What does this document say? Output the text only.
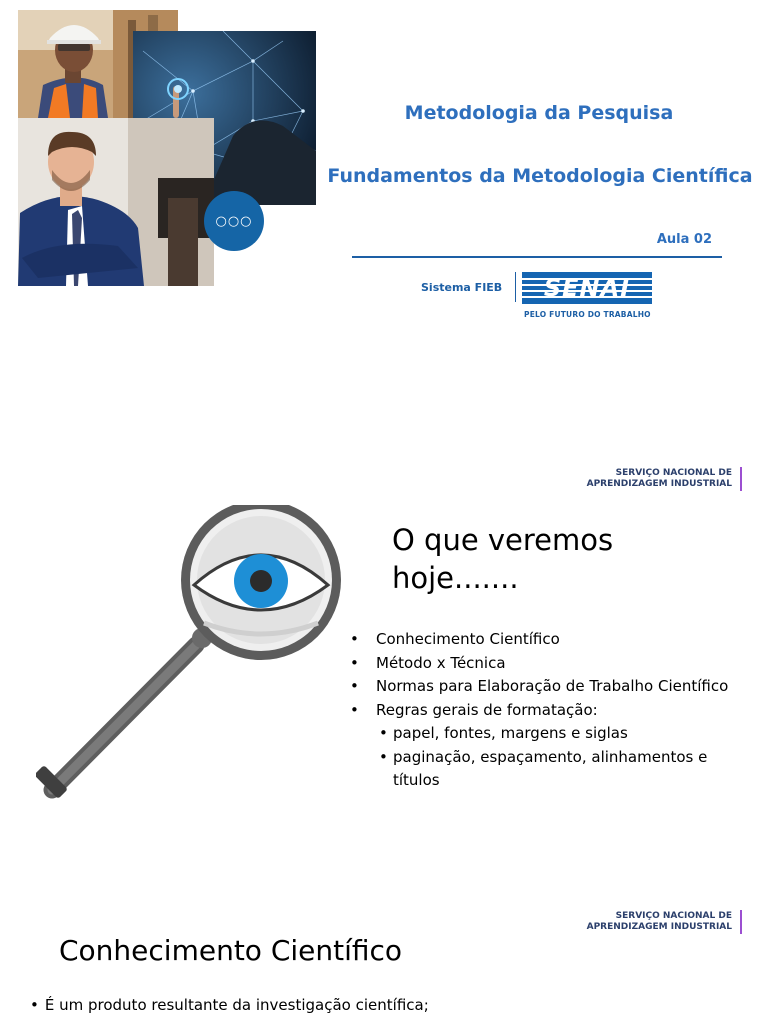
○○○
Metodologia da Pesquisa
Fundamentos da Metodologia Científica
Aula 02
Sistema FIEB	SENAI
PELO FUTURO DO TRABALHO
SERVIÇO NACIONAL DE
APRENDIZAGEM INDUSTRIAL
O que veremos
hoje.......
• Conhecimento Científico
• Método x Técnica
• Normas para Elaboração de Trabalho Científico
• Regras gerais de formatação:
• papel, fontes, margens e siglas
• paginação, espaçamento, alinhamentos e títulos
SERVIÇO NACIONAL DE
APRENDIZAGEM INDUSTRIAL
Conhecimento Científico
• É um produto resultante da investigação científica;
